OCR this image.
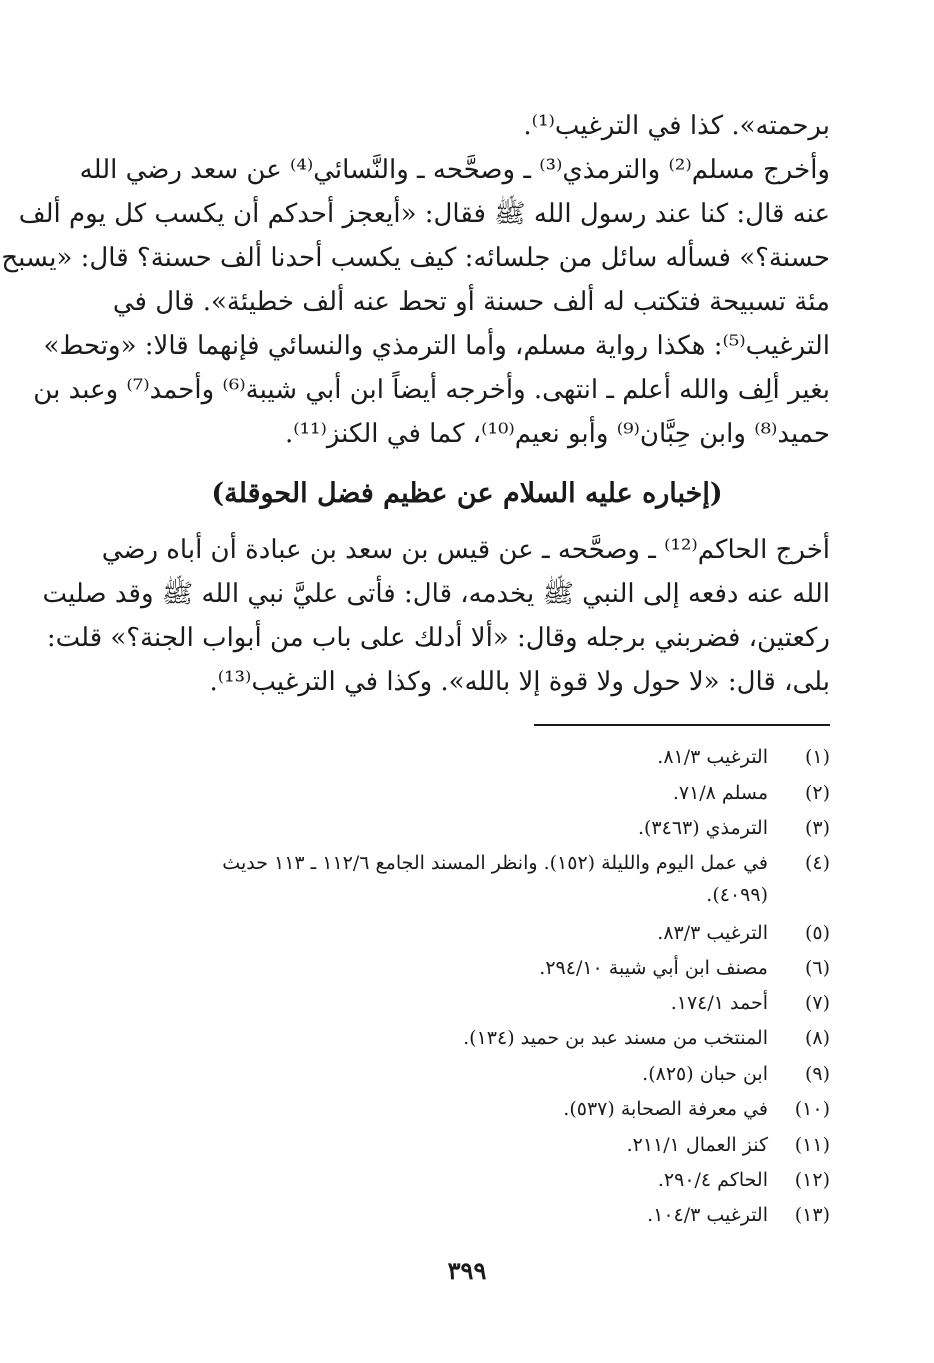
برحمته». كذا في الترغيب⁽¹⁾.
وأخرج مسلم⁽²⁾ والترمذي⁽³⁾ ـ وصحَّحه ـ والنَّسائي⁽⁴⁾ عن سعد رضي الله
عنه قال: كنا عند رسول الله ﷺ فقال: «أيعجز أحدكم أن يكسب كل يوم ألف
حسنة؟» فسأله سائل من جلسائه: كيف يكسب أحدنا ألف حسنة؟ قال: «يسبح
مئة تسبيحة فتكتب له ألف حسنة أو تحط عنه ألف خطيئة». قال في
الترغيب⁽⁵⁾: هكذا رواية مسلم، وأما الترمذي والنسائي فإنهما قالا: «وتحط»
بغير ألِف والله أعلم ـ انتهى. وأخرجه أيضاً ابن أبي شيبة⁽⁶⁾ وأحمد⁽⁷⁾ وعبد بن
حميد⁽⁸⁾ وابن حِبَّان⁽⁹⁾ وأبو نعيم⁽¹⁰⁾، كما في الكنز⁽¹¹⁾.
(إخباره عليه السلام عن عظيم فضل الحوقلة)
أخرج الحاكم⁽¹²⁾ ـ وصحَّحه ـ عن قيس بن سعد بن عبادة أن أباه رضي
الله عنه دفعه إلى النبي ﷺ يخدمه، قال: فأتى عليَّ نبي الله ﷺ وقد صليت
ركعتين، فضربني برجله وقال: «ألا أدلك على باب من أبواب الجنة؟» قلت:
بلى، قال: «لا حول ولا قوة إلا بالله». وكذا في الترغيب⁽¹³⁾.
(١)الترغيب ٨١/٣.
(٢)مسلم ٧١/٨.
(٣)الترمذي (٣٤٦٣).
(٤)في عمل اليوم والليلة (١٥٢). وانظر المسند الجامع ١١٢/٦ ـ ١١٣ حديث
(٤٠٩٩).
(٥)الترغيب ٨٣/٣.
(٦)مصنف ابن أبي شيبة ٢٩٤/١٠.
(٧)أحمد ١٧٤/١.
(٨)المنتخب من مسند عبد بن حميد (١٣٤).
(٩)ابن حبان (٨٢٥).
(١٠)في معرفة الصحابة (٥٣٧).
(١١)كنز العمال ٢١١/١.
(١٢)الحاكم ٢٩٠/٤.
(١٣)الترغيب ١٠٤/٣.
٣٩٩
